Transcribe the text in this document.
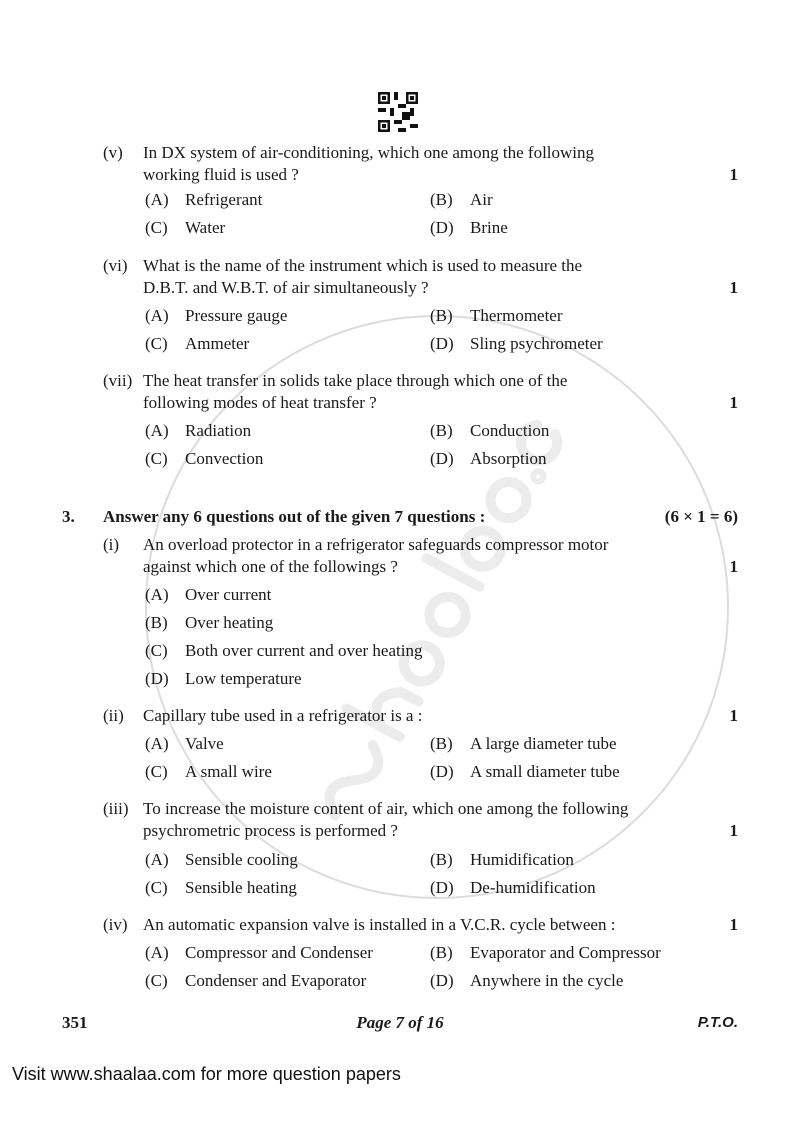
(v) In DX system of air-conditioning, which one among the following
working fluid is used ?	1
(A) Refrigerant	(B) Air
(C) Water	(D) Brine
(vi) What is the name of the instrument which is used to measure the
D.B.T. and W.B.T. of air simultaneously ?	1
(A) Pressure gauge	(B) Thermometer
(C) Ammeter	(D) Sling psychrometer
(vii) The heat transfer in solids take place through which one of the
following modes of heat transfer ?	1
(A) Radiation	(B) Conduction
(C) Convection	(D) Absorption
3. Answer any 6 questions out of the given 7 questions :	(6 × 1 = 6)
(i) An overload protector in a refrigerator safeguards compressor motor
against which one of the followings ?	1
(A) Over current
(B) Over heating
(C) Both over current and over heating
(D) Low temperature
(ii) Capillary tube used in a refrigerator is a :	1
(A) Valve	(B) A large diameter tube
(C) A small wire	(D) A small diameter tube
(iii) To increase the moisture content of air, which one among the following
psychrometric process is performed ?	1
(A) Sensible cooling	(B) Humidification
(C) Sensible heating	(D) De-humidification
(iv) An automatic expansion valve is installed in a V.C.R. cycle between :	1
(A) Compressor and Condenser	(B) Evaporator and Compressor
(C) Condenser and Evaporator	(D) Anywhere in the cycle
351	Page 7 of 16	P.T.O.
Visit www.shaalaa.com for more question papers
